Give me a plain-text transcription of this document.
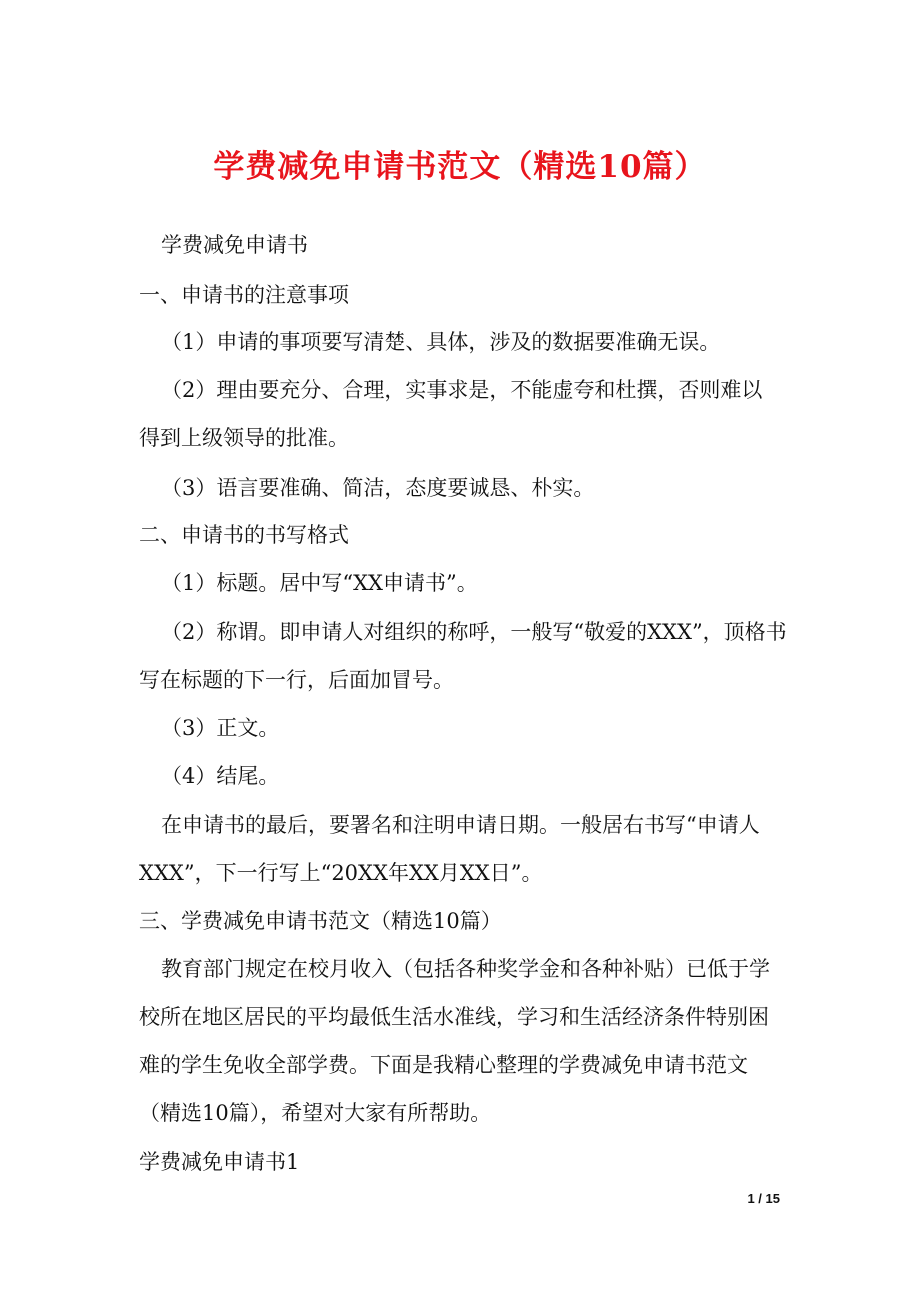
学费减免申请书范文（精选10篇）

学费减免申请书

一、申请书的注意事项

（1）申请的事项要写清楚、具体，涉及的数据要准确无误。

（2）理由要充分、合理，实事求是，不能虚夸和杜撰，否则难以

得到上级领导的批准。

（3）语言要准确、简洁，态度要诚恳、朴实。

二、申请书的书写格式

（1）标题。居中写“XX申请书”。

（2）称谓。即申请人对组织的称呼，一般写“敬爱的XXX”，顶格书

写在标题的下一行，后面加冒号。

（3）正文。

（4）结尾。

在申请书的最后，要署名和注明申请日期。一般居右书写“申请人

XXX”，下一行写上“20XX年XX月XX日”。

三、学费减免申请书范文（精选10篇）

教育部门规定在校月收入（包括各种奖学金和各种补贴）已低于学

校所在地区居民的平均最低生活水准线，学习和生活经济条件特别困

难的学生免收全部学费。下面是我精心整理的学费减免申请书范文

（精选10篇），希望对大家有所帮助。

学费减免申请书1

1 / 15
